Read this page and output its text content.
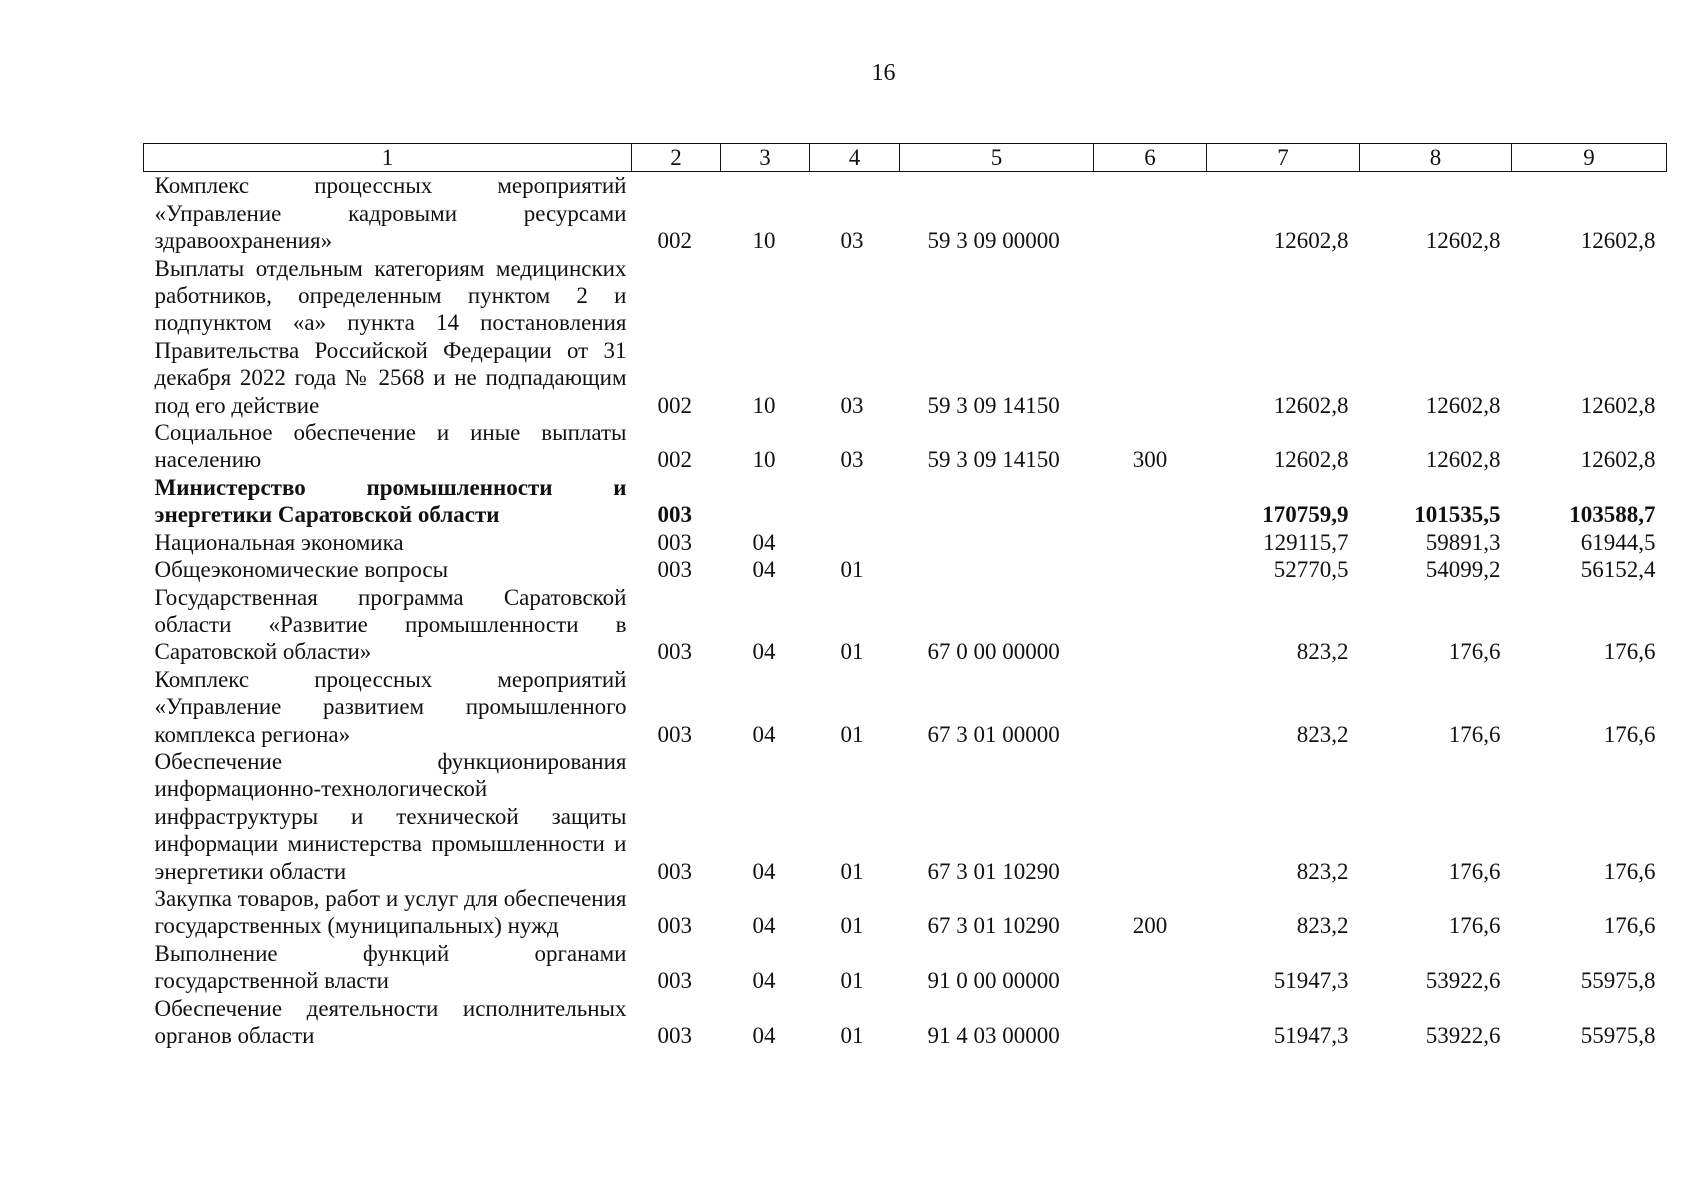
16
1	2	3	4	5	6	7	8	9
Комплекс процессных мероприятий «Управление кадровыми ресурсами здравоохранения»	002	10	03	59 3 09 00000		12602,8	12602,8	12602,8
Выплаты отдельным категориям медицинских работников, определенным пунктом 2 и подпунктом «а» пункта 14 постановления Правительства Российской Федерации от 31 декабря 2022 года № 2568 и не подпадающим под его действие	002	10	03	59 3 09 14150		12602,8	12602,8	12602,8
Социальное обеспечение и иные выплаты населению	002	10	03	59 3 09 14150	300	12602,8	12602,8	12602,8
Министерство промышленности и энергетики Саратовской области	003					170759,9	101535,5	103588,7
Национальная экономика	003	04				129115,7	59891,3	61944,5
Общеэкономические вопросы	003	04	01			52770,5	54099,2	56152,4
Государственная программа Саратовской области «Развитие промышленности в Саратовской области»	003	04	01	67 0 00 00000		823,2	176,6	176,6
Комплекс процессных мероприятий «Управление развитием промышленного комплекса региона»	003	04	01	67 3 01 00000		823,2	176,6	176,6
Обеспечение функционирования информационно-технологической инфраструктуры и технической защиты информации министерства промышленности и энергетики области	003	04	01	67 3 01 10290		823,2	176,6	176,6
Закупка товаров, работ и услуг для обеспечения государственных (муниципальных) нужд	003	04	01	67 3 01 10290	200	823,2	176,6	176,6
Выполнение функций органами государственной власти	003	04	01	91 0 00 00000		51947,3	53922,6	55975,8
Обеспечение деятельности исполнительных органов области	003	04	01	91 4 03 00000		51947,3	53922,6	55975,8
